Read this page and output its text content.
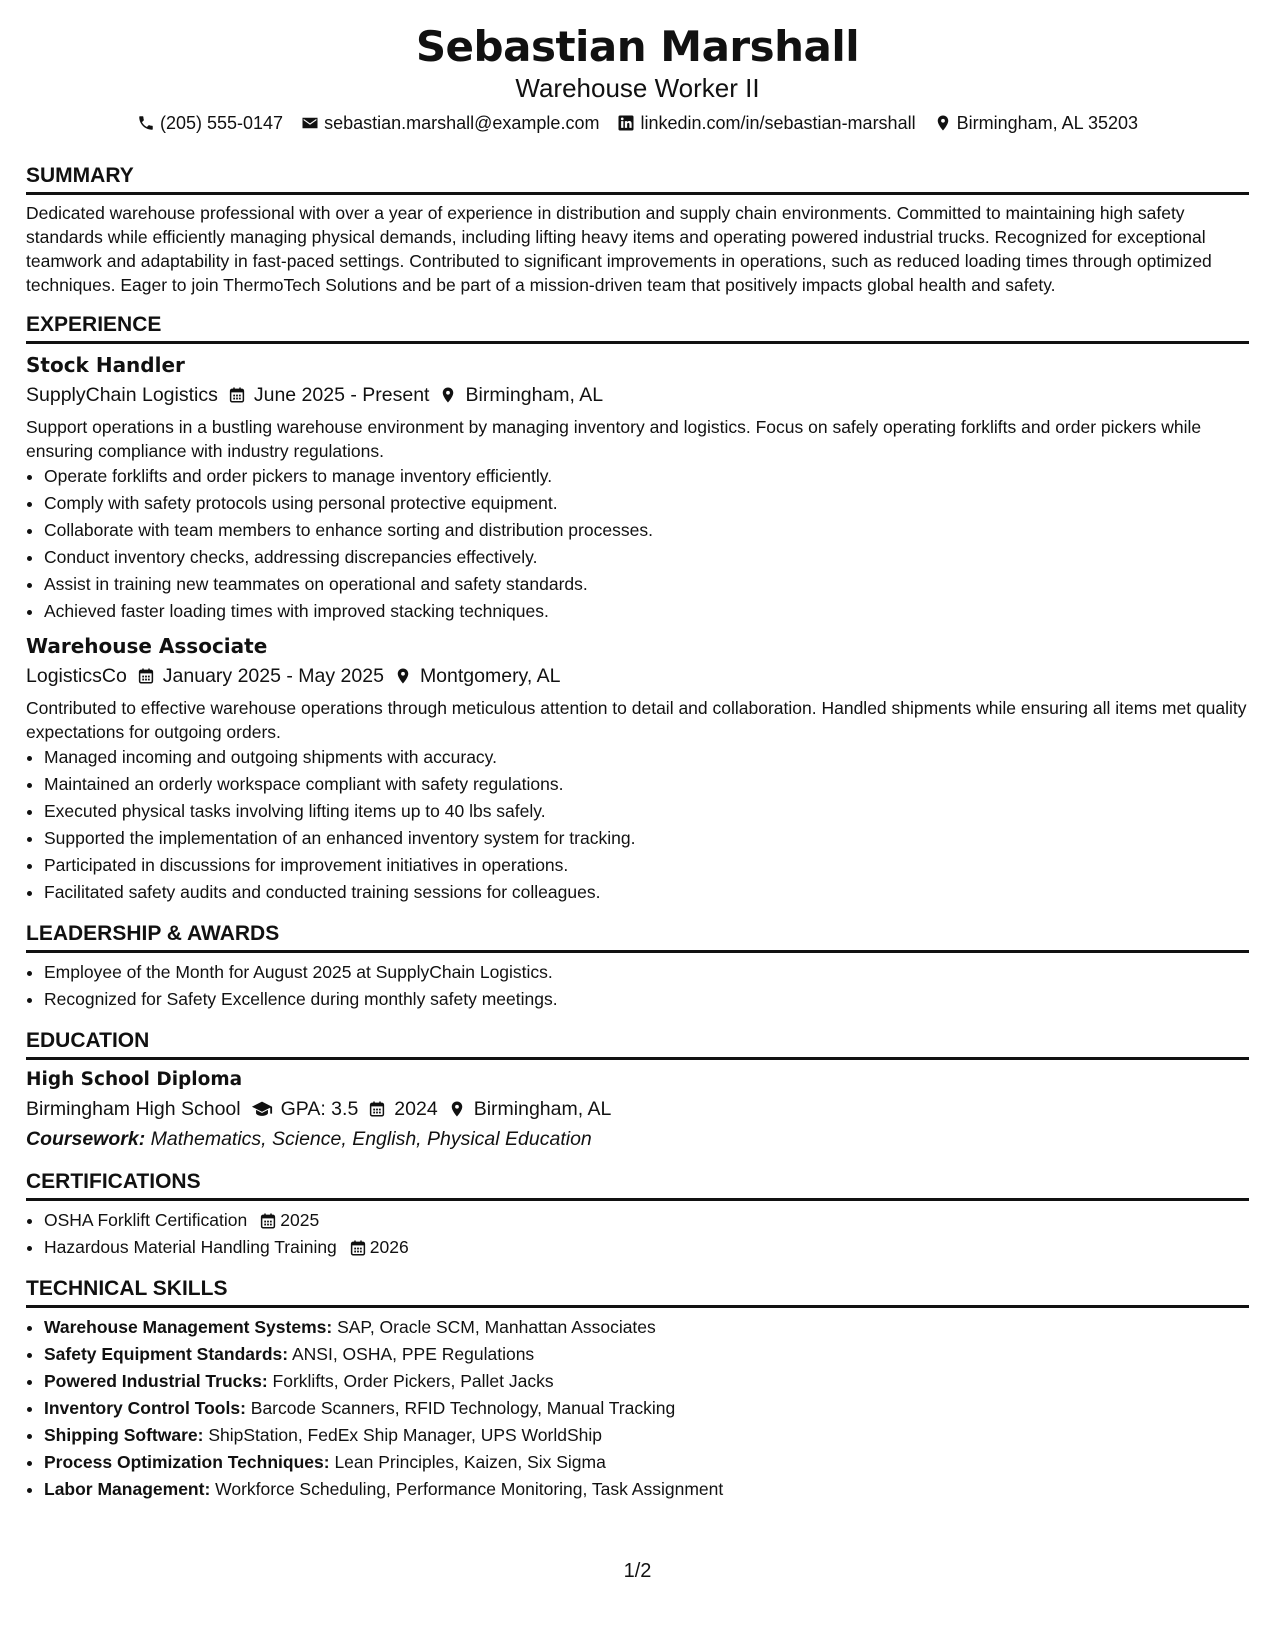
Sebastian Marshall
Warehouse Worker II
(205) 555-0147 sebastian.marshall@example.com linkedin.com/in/sebastian-marshall Birmingham, AL 35203
SUMMARY
Dedicated warehouse professional with over a year of experience in distribution and supply chain environments. Committed to maintaining high safety standards while efficiently managing physical demands, including lifting heavy items and operating powered industrial trucks. Recognized for exceptional teamwork and adaptability in fast-paced settings. Contributed to significant improvements in operations, such as reduced loading times through optimized techniques. Eager to join ThermoTech Solutions and be part of a mission-driven team that positively impacts global health and safety.
EXPERIENCE
Stock Handler
SupplyChain Logistics June 2025 - Present Birmingham, AL
Support operations in a bustling warehouse environment by managing inventory and logistics. Focus on safely operating forklifts and order pickers while ensuring compliance with industry regulations.
• Operate forklifts and order pickers to manage inventory efficiently.
• Comply with safety protocols using personal protective equipment.
• Collaborate with team members to enhance sorting and distribution processes.
• Conduct inventory checks, addressing discrepancies effectively.
• Assist in training new teammates on operational and safety standards.
• Achieved faster loading times with improved stacking techniques.
Warehouse Associate
LogisticsCo January 2025 - May 2025 Montgomery, AL
Contributed to effective warehouse operations through meticulous attention to detail and collaboration. Handled shipments while ensuring all items met quality expectations for outgoing orders.
• Managed incoming and outgoing shipments with accuracy.
• Maintained an orderly workspace compliant with safety regulations.
• Executed physical tasks involving lifting items up to 40 lbs safely.
• Supported the implementation of an enhanced inventory system for tracking.
• Participated in discussions for improvement initiatives in operations.
• Facilitated safety audits and conducted training sessions for colleagues.
LEADERSHIP & AWARDS
• Employee of the Month for August 2025 at SupplyChain Logistics.
• Recognized for Safety Excellence during monthly safety meetings.
EDUCATION
High School Diploma
Birmingham High School GPA: 3.5 2024 Birmingham, AL
Coursework: Mathematics, Science, English, Physical Education
CERTIFICATIONS
• OSHA Forklift Certification 2025
• Hazardous Material Handling Training 2026
TECHNICAL SKILLS
• Warehouse Management Systems: SAP, Oracle SCM, Manhattan Associates
• Safety Equipment Standards: ANSI, OSHA, PPE Regulations
• Powered Industrial Trucks: Forklifts, Order Pickers, Pallet Jacks
• Inventory Control Tools: Barcode Scanners, RFID Technology, Manual Tracking
• Shipping Software: ShipStation, FedEx Ship Manager, UPS WorldShip
• Process Optimization Techniques: Lean Principles, Kaizen, Six Sigma
• Labor Management: Workforce Scheduling, Performance Monitoring, Task Assignment
1/2
